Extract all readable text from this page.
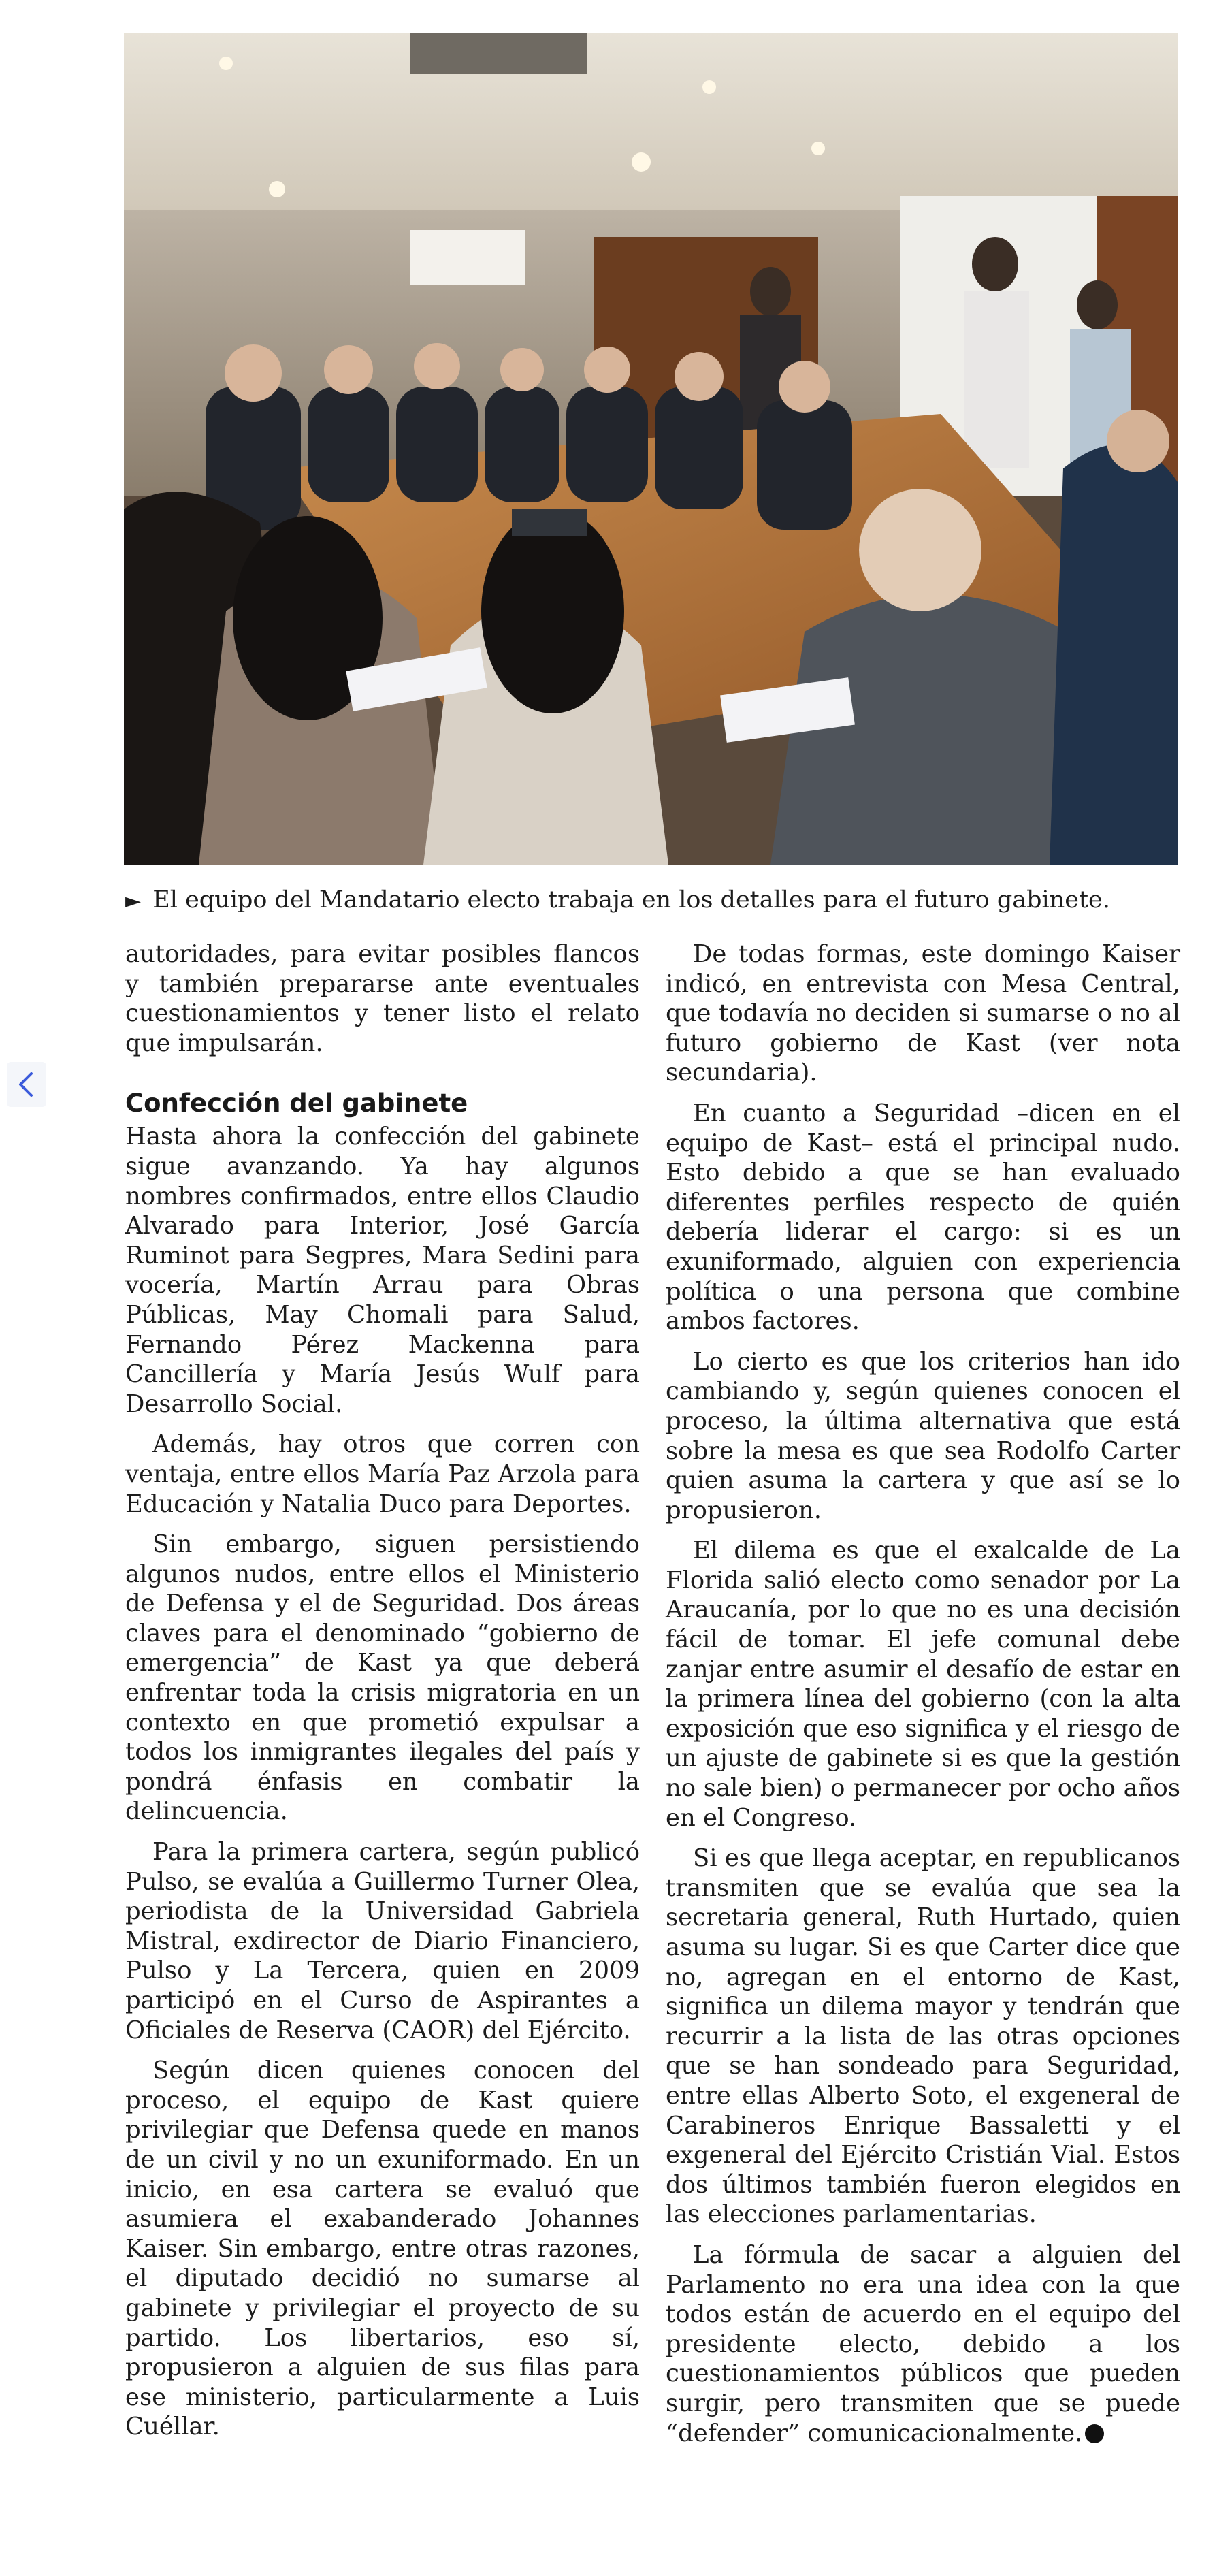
► El equipo del Mandatario electo trabaja en los detalles para el futuro gabinete.

autoridades, para evitar posibles flancos y también prepararse ante eventuales cuestionamientos y tener listo el relato que impulsarán.

Confección del gabinete

Hasta ahora la confección del gabinete sigue avanzando. Ya hay algunos nombres confirmados, entre ellos Claudio Alvarado para Interior, José García Ruminot para Segpres, Mara Sedini para vocería, Martín Arrau para Obras Públicas, May Chomali para Salud, Fernando Pérez Mackenna para Cancillería y María Jesús Wulf para Desarrollo Social.

Además, hay otros que corren con ventaja, entre ellos María Paz Arzola para Educación y Natalia Duco para Deportes.

Sin embargo, siguen persistiendo algunos nudos, entre ellos el Ministerio de Defensa y el de Seguridad. Dos áreas claves para el denominado “gobierno de emergencia” de Kast ya que deberá enfrentar toda la crisis migratoria en un contexto en que prometió expulsar a todos los inmigrantes ilegales del país y pondrá énfasis en combatir la delincuencia.

Para la primera cartera, según publicó Pulso, se evalúa a Guillermo Turner Olea, periodista de la Universidad Gabriela Mistral, exdirector de Diario Financiero, Pulso y La Tercera, quien en 2009 participó en el Curso de Aspirantes a Oficiales de Reserva (CAOR) del Ejército.

Según dicen quienes conocen del proceso, el equipo de Kast quiere privilegiar que Defensa quede en manos de un civil y no un exuniformado. En un inicio, en esa cartera se evaluó que asumiera el exabanderado Johannes Kaiser. Sin embargo, entre otras razones, el diputado decidió no sumarse al gabinete y privilegiar el proyecto de su partido. Los libertarios, eso sí, propusieron a alguien de sus filas para ese ministerio, particularmente a Luis Cuéllar.

De todas formas, este domingo Kaiser indicó, en entrevista con Mesa Central, que todavía no deciden si sumarse o no al futuro gobierno de Kast (ver nota secundaria).

En cuanto a Seguridad –dicen en el equipo de Kast– está el principal nudo. Esto debido a que se han evaluado diferentes perfiles respecto de quién debería liderar el cargo: si es un exuniformado, alguien con experiencia política o una persona que combine ambos factores.

Lo cierto es que los criterios han ido cambiando y, según quienes conocen el proceso, la última alternativa que está sobre la mesa es que sea Rodolfo Carter quien asuma la cartera y que así se lo propusieron.

El dilema es que el exalcalde de La Florida salió electo como senador por La Araucanía, por lo que no es una decisión fácil de tomar. El jefe comunal debe zanjar entre asumir el desafío de estar en la primera línea del gobierno (con la alta exposición que eso significa y el riesgo de un ajuste de gabinete si es que la gestión no sale bien) o permanecer por ocho años en el Congreso.

Si es que llega aceptar, en republicanos transmiten que se evalúa que sea la secretaria general, Ruth Hurtado, quien asuma su lugar. Si es que Carter dice que no, agregan en el entorno de Kast, significa un dilema mayor y tendrán que recurrir a la lista de las otras opciones que se han sondeado para Seguridad, entre ellas Alberto Soto, el exgeneral de Carabineros Enrique Bassaletti y el exgeneral del Ejército Cristián Vial. Estos dos últimos también fueron elegidos en las elecciones parlamentarias.

La fórmula de sacar a alguien del Parlamento no era una idea con la que todos están de acuerdo en el equipo del presidente electo, debido a los cuestionamientos públicos que pueden surgir, pero transmiten que se puede “defender” comunicacionalmente.
